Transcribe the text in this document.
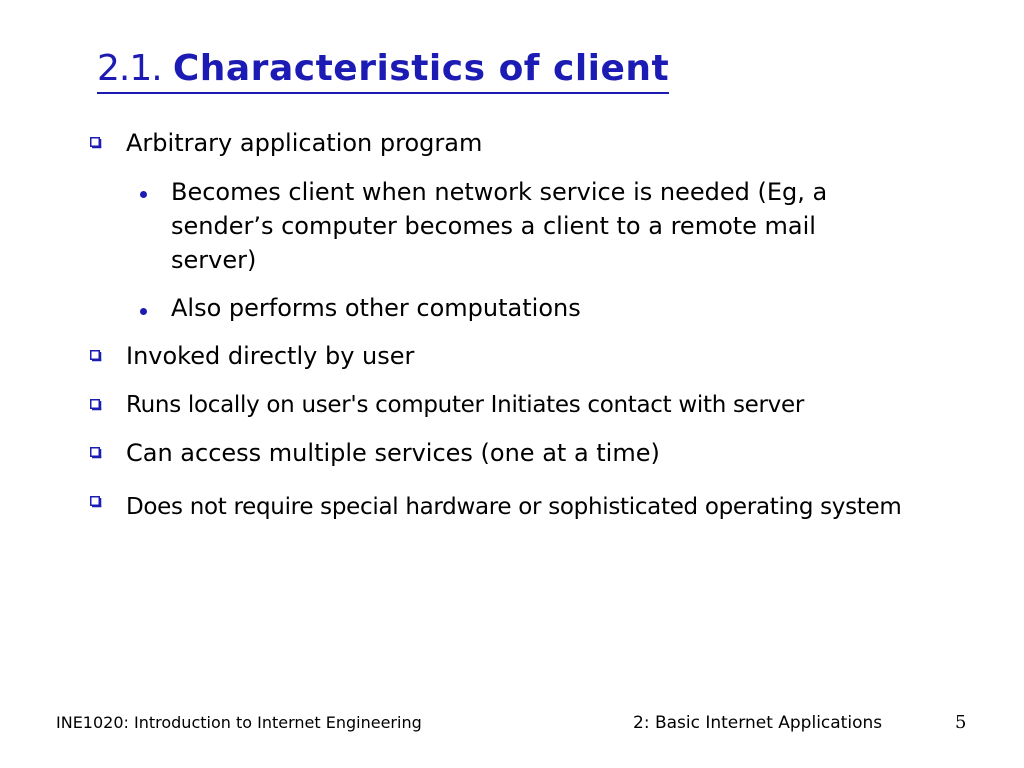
2.1. Characteristics of client
Arbitrary application program
Becomes client when network service is needed (Eg, a sender’s computer becomes a client to a remote mail server)
Also performs other computations
Invoked directly by user
Runs locally on user's computer Initiates contact with server
Can access multiple services (one at a time)
Does not require special hardware or sophisticated operating system
INE1020: Introduction to Internet Engineering	2: Basic Internet Applications	5
